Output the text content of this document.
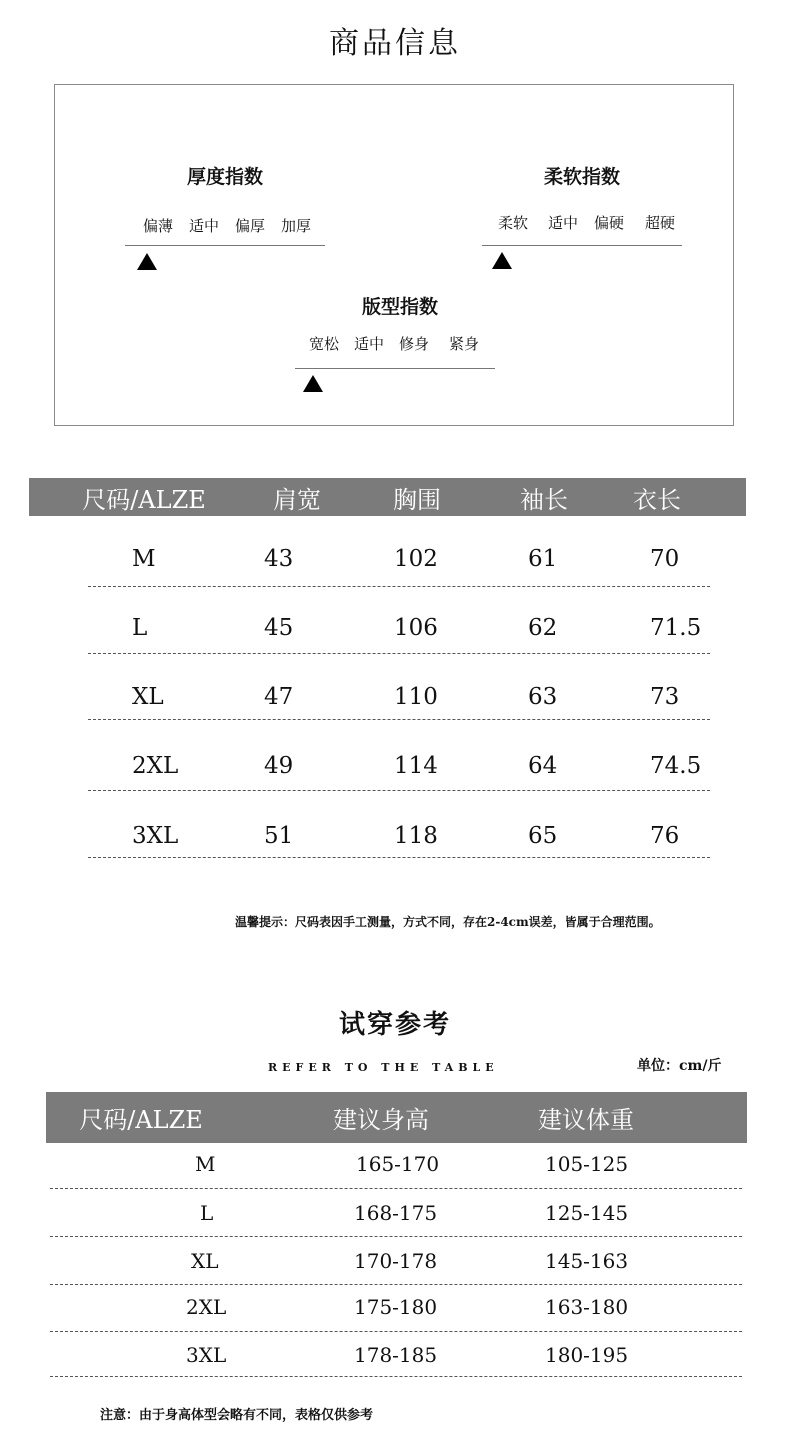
商品信息
厚度指数
偏薄 适中 偏厚 加厚
柔软指数
柔软 适中 偏硬 超硬
版型指数
宽松 适中 修身 紧身
尺码/ALZE	肩宽	胸围	袖长	衣长
M	43	102	61	70
L	45	106	62	71.5
XL	47	110	63	73
2XL	49	114	64	74.5
3XL	51	118	65	76
温馨提示：尺码表因手工测量，方式不同，存在2-4cm误差，皆属于合理范围。
试穿参考
REFER TO THE TABLE	单位：cm/斤
尺码/ALZE	建议身高	建议体重
M	165-170	105-125
L	168-175	125-145
XL	170-178	145-163
2XL	175-180	163-180
3XL	178-185	180-195
注意：由于身高体型会略有不同，表格仅供参考
